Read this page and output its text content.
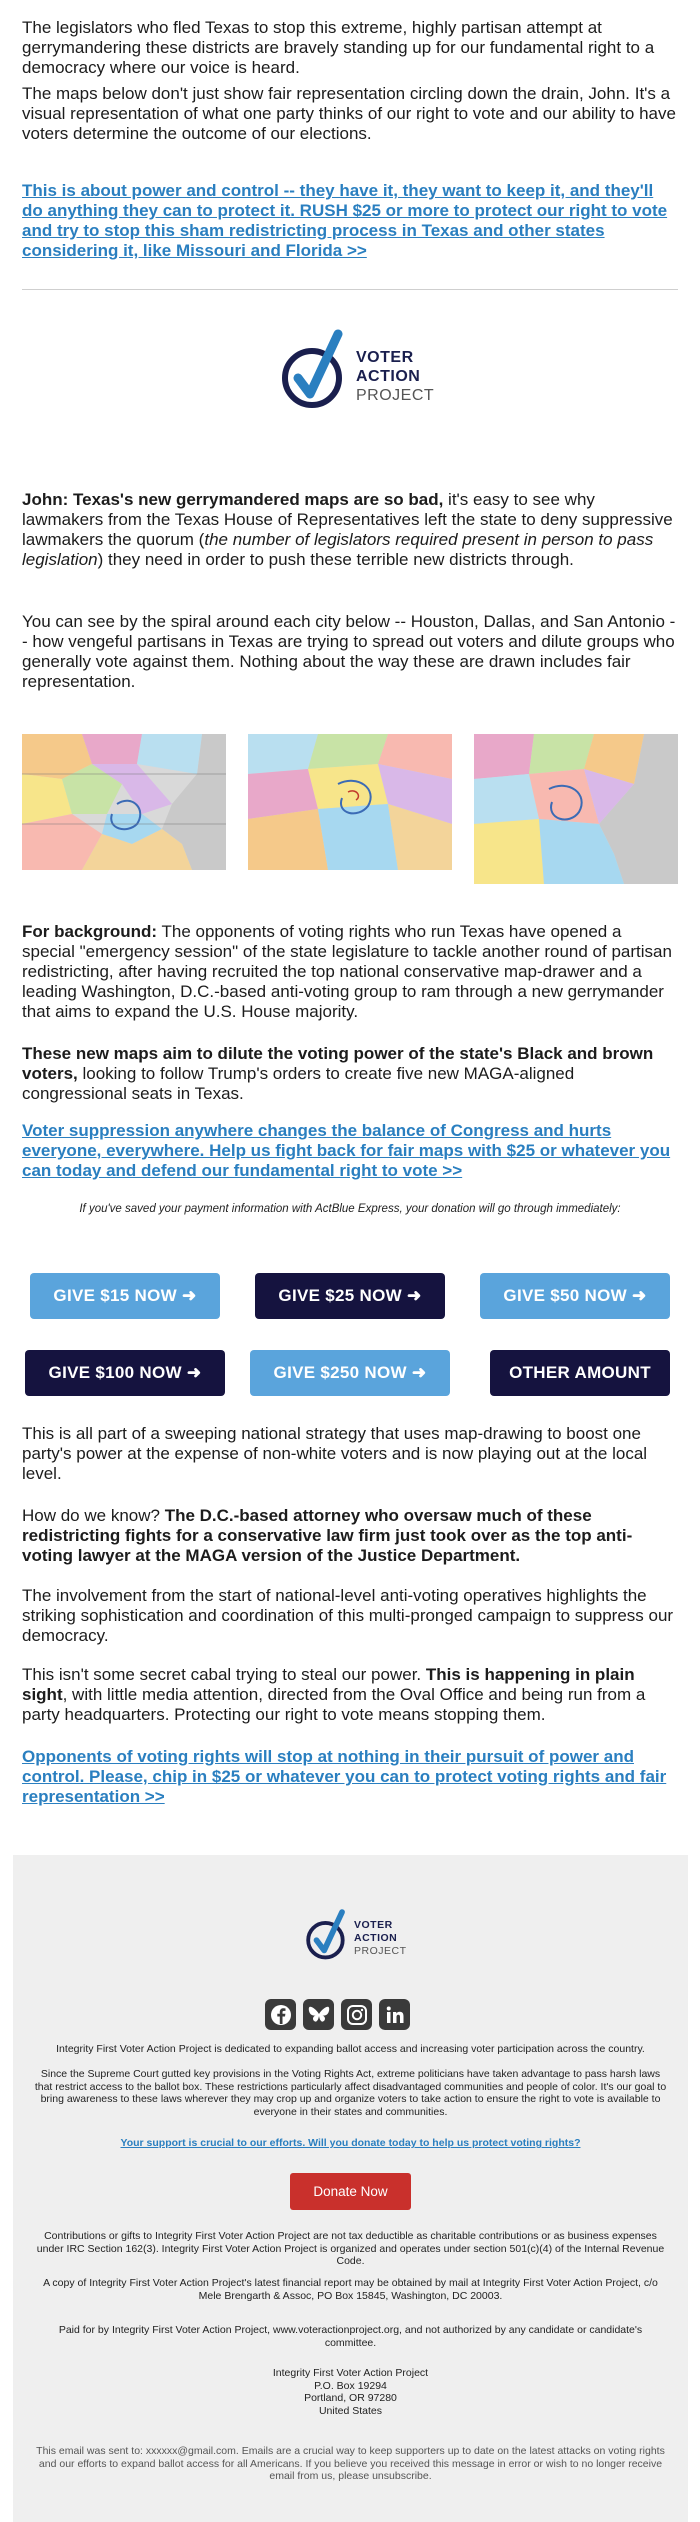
The legislators who fled Texas to stop this extreme, highly partisan attempt at gerrymandering these districts are bravely standing up for our fundamental right to a democracy where our voice is heard.

The maps below don't just show fair representation circling down the drain, John. It's a visual representation of what one party thinks of our right to vote and our ability to have voters determine the outcome of our elections.

This is about power and control -- they have it, they want to keep it, and they'll do anything they can to protect it. RUSH $25 or more to protect our right to vote and try to stop this sham redistricting process in Texas and other states considering it, like Missouri and Florida >>

VOTER
ACTION
PROJECT

John: Texas's new gerrymandered maps are so bad, it's easy to see why lawmakers from the Texas House of Representatives left the state to deny suppressive lawmakers the quorum (the number of legislators required present in person to pass legislation) they need in order to push these terrible new districts through.

You can see by the spiral around each city below -- Houston, Dallas, and San Antonio -- how vengeful partisans in Texas are trying to spread out voters and dilute groups who generally vote against them. Nothing about the way these are drawn includes fair representation.

For background: The opponents of voting rights who run Texas have opened a special "emergency session" of the state legislature to tackle another round of partisan redistricting, after having recruited the top national conservative map-drawer and a leading Washington, D.C.-based anti-voting group to ram through a new gerrymander that aims to expand the U.S. House majority.

These new maps aim to dilute the voting power of the state's Black and brown voters, looking to follow Trump's orders to create five new MAGA-aligned congressional seats in Texas.

Voter suppression anywhere changes the balance of Congress and hurts everyone, everywhere. Help us fight back for fair maps with $25 or whatever you can today and defend our fundamental right to vote >>

If you've saved your payment information with ActBlue Express, your donation will go through immediately:

GIVE $15 NOW ➜	GIVE $25 NOW ➜	GIVE $50 NOW ➜
GIVE $100 NOW ➜	GIVE $250 NOW ➜	OTHER AMOUNT

This is all part of a sweeping national strategy that uses map-drawing to boost one party's power at the expense of non-white voters and is now playing out at the local level.

How do we know? The D.C.-based attorney who oversaw much of these redistricting fights for a conservative law firm just took over as the top anti-voting lawyer at the MAGA version of the Justice Department.

The involvement from the start of national-level anti-voting operatives highlights the striking sophistication and coordination of this multi-pronged campaign to suppress our democracy.

This isn't some secret cabal trying to steal our power. This is happening in plain sight, with little media attention, directed from the Oval Office and being run from a party headquarters. Protecting our right to vote means stopping them.

Opponents of voting rights will stop at nothing in their pursuit of power and control. Please, chip in $25 or whatever you can to protect voting rights and fair representation >>

VOTER
ACTION
PROJECT

Integrity First Voter Action Project is dedicated to expanding ballot access and increasing voter participation across the country.

Since the Supreme Court gutted key provisions in the Voting Rights Act, extreme politicians have taken advantage to pass harsh laws that restrict access to the ballot box. These restrictions particularly affect disadvantaged communities and people of color. It's our goal to bring awareness to these laws wherever they may crop up and organize voters to take action to ensure the right to vote is available to everyone in their states and communities.

Your support is crucial to our efforts. Will you donate today to help us protect voting rights?

Donate Now

Contributions or gifts to Integrity First Voter Action Project are not tax deductible as charitable contributions or as business expenses under IRC Section 162(3). Integrity First Voter Action Project is organized and operates under section 501(c)(4) of the Internal Revenue Code.

A copy of Integrity First Voter Action Project's latest financial report may be obtained by mail at Integrity First Voter Action Project, c/o Mele Brengarth & Assoc, PO Box 15845, Washington, DC 20003.

Paid for by Integrity First Voter Action Project, www.voteractionproject.org, and not authorized by any candidate or candidate's committee.

Integrity First Voter Action Project
P.O. Box 19294
Portland, OR 97280
United States

This email was sent to: xxxxxx@gmail.com. Emails are a crucial way to keep supporters up to date on the latest attacks on voting rights and our efforts to expand ballot access for all Americans. If you believe you received this message in error or wish to no longer receive email from us, please unsubscribe.
